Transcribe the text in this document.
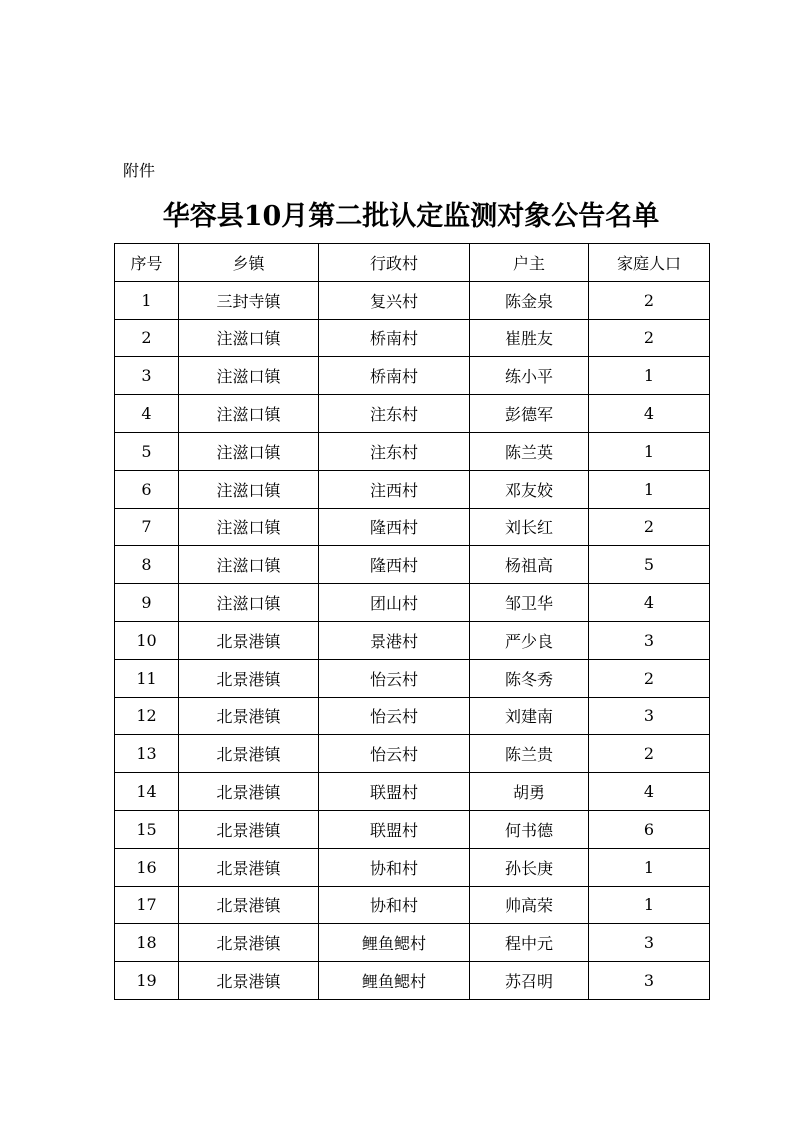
附件
华容县10月第二批认定监测对象公告名单
序号	乡镇	行政村	户主	家庭人口
1	三封寺镇	复兴村	陈金泉	2
2	注滋口镇	桥南村	崔胜友	2
3	注滋口镇	桥南村	练小平	1
4	注滋口镇	注东村	彭德军	4
5	注滋口镇	注东村	陈兰英	1
6	注滋口镇	注西村	邓友姣	1
7	注滋口镇	隆西村	刘长红	2
8	注滋口镇	隆西村	杨祖高	5
9	注滋口镇	团山村	邹卫华	4
10	北景港镇	景港村	严少良	3
11	北景港镇	怡云村	陈冬秀	2
12	北景港镇	怡云村	刘建南	3
13	北景港镇	怡云村	陈兰贵	2
14	北景港镇	联盟村	胡勇	4
15	北景港镇	联盟村	何书德	6
16	北景港镇	协和村	孙长庚	1
17	北景港镇	协和村	帅高荣	1
18	北景港镇	鲤鱼鳃村	程中元	3
19	北景港镇	鲤鱼鳃村	苏召明	3
